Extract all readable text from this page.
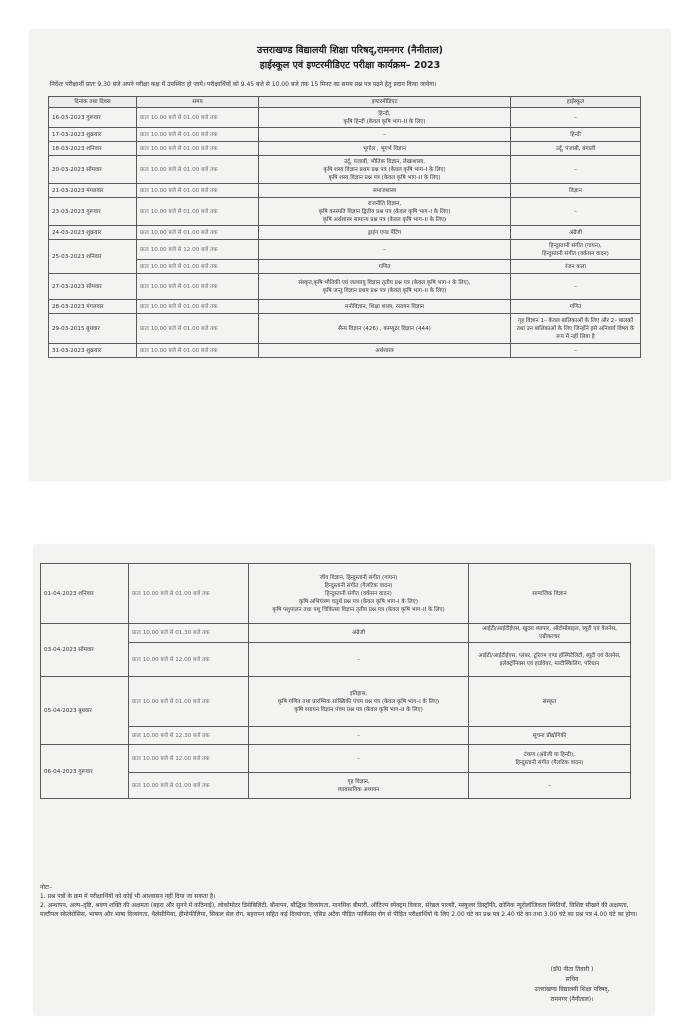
उत्तराखण्ड विद्यालयी शिक्षा परिषद्,रामनगर (नैनीताल)
हाईस्कूल एवं इण्टरमीडिएट परीक्षा कार्यक्रम– 2023
निर्देशः परीक्षार्थी प्रातः 9.30 बजे अपने परीक्षा कक्ष में उपस्थित हो जायें। परीक्षार्थियों को 9.45 बजे से 10.00 बजे तक 15 मिनट का समय प्रश्न पत्र पढ़ने हेतु प्रदान किया जायेगा।
दिनांक तथा दिवस	समय	इण्टरमीडिएट	हाईस्कूल
16-03-2023 गुरूवार	प्रातः 10.00 बजे से 01.00 बजे तक	हिन्दी,
कृषि हिन्दी (केवल कृषि भाग–II के लिए)	–
17-03-2023 शुक्रवार	प्रातः 10.00 बजे से 01.00 बजे तक	–	हिन्दी
18-03-2023 शनिवार	प्रातः 10.00 बजे से 01.00 बजे तक	भूगोल , भूगर्भ विज्ञान	उर्दू, पंजाबी, बंगाली
20-03-2023 सोमवार	प्रातः 10.00 बजे से 01.00 बजे तक	उर्दू, पंजाबी, भौतिक विज्ञान, लेखाशास्त्र,
कृषि शस्य विज्ञान प्रथम प्रश्न पत्र (केवल कृषि भाग–I के लिए)
कृषि शस्य विज्ञान प्रश्न पत्र (केवल कृषि भाग–II के लिए)	–
21-03-2023 मंगलवार	प्रातः 10.00 बजे से 01.00 बजे तक	समाजशास्त्र	विज्ञान
23-03-2023 गुरूवार	प्रातः 10.00 बजे से 01.00 बजे तक	राजनीति विज्ञान,
कृषि वनस्पति विज्ञान द्वितीय प्रश्न पत्र (केवल कृषि भाग–I के लिए)
कृषि अर्थशास्त्र सामान्य प्रश्न पत्र (केवल कृषि भाग–II के लिए)	–
24-03-2023 शुक्रवार	प्रातः 10.00 बजे से 01.00 बजे तक	ड्राइंग एण्ड पेंटिंग	अंग्रेजी
25-03-2023 शनिवार	प्रातः 10.00 बजे से 12.00 बजे तक	–	हिन्दुस्तानी संगीत (गायन),
हिन्दुस्तानी संगीत (वर्कसन वादन)
	प्रातः 10.00 बजे से 01.00 बजे तक	गणित	रंजन कला
27-03-2023 सोमवार	प्रातः 10.00 बजे से 01.00 बजे तक	संस्कृत,कृषि भौतिकी एवं जलवायु विज्ञान तृतीय प्रश्न पत्र (केवल कृषि भाग–I के लिए),
कृषि जन्तु विज्ञान प्रथम प्रश्न पत्र (केवल कृषि भाग–II के लिए)	–
28-03-2023 मंगलवार	प्रातः 10.00 बजे से 01.00 बजे तक	मनोविज्ञान, शिक्षा शास्त्र, रसायन विज्ञान	गणित
29-03-2015 बुधवार	प्रातः 10.00 बजे से 01.00 बजे तक	सैन्य विज्ञान (426) , कम्प्यूटर विज्ञान (444)	गृह विज्ञान 1– केवल बालिकाओं के लिए और 2– बालकों तथा उन बालिकाओं के लिए जिन्होंने इसे अनिवार्य विषय के रूप में नहीं लिया है
31-03-2023 शुक्रवार	प्रातः 10.00 बजे से 01.00 बजे तक	अर्थशास्त्र	–
01-04-2023 शनिवार	प्रातः 10.00 बजे से 01.00 बजे तक	जीव विज्ञान, हिन्दुस्तानी संगीत (गायन)
हिन्दुस्तानी संगीत (गैलटिक वादन)
हिन्दुस्तानी संगीत (वर्कसन वादन)
कृषि अभियंत्रण चतुर्थ प्रश्न पत्र (केवल कृषि भाग–I के लिए)
कृषि पशुपालन तथा पशु चिकित्सा विज्ञान तृतीय प्रश्न पत्र (केवल कृषि भाग–II के लिए)	सामाजिक विज्ञान
03-04-2023 सोमवार	प्रातः 10.00 बजे से 01.30 बजे तक	अंग्रेजी	आईटी/आईटीईएस, खुदरा व्यापार, ऑटोमोबाइल, ब्यूटी एवं वेलनेस, एग्रीकल्चर
	प्रातः 10.00 बजे से 12.00 बजे तक	–	आईटी/आईटीईएस, प्लंबर, टूरिज्म एण्ड हॉस्पिटैलिटी, ब्यूटी एवं वेलनेस, इलेक्ट्रॉनिक्स एवं हार्डवेयर, मल्टीस्किलिंग, परिधान
05-04-2023 बुधवार	प्रातः 10.00 बजे से 01.00 बजे तक	इतिहास,
कृषि गणित तथा प्रारम्भिक सांख्यिकी पंचम प्रश्न पत्र (केवल कृषि भाग–I के लिए)
कृषि रसायन विज्ञान पंचम प्रश्न पत्र (केवल कृषि भाग–II के लिए)	संस्कृत
	प्रातः 10.00 बजे से 12.30 बजे तक	–	सूचना प्रौद्योगिकी
06-04-2023 गुरूवार	प्रातः 10.00 बजे से 12.00 बजे तक	–	टंकण (अंग्रेजी या हिन्दी),
हिन्दुस्तानी संगीत (गैलटिक वादन)
	प्रातः 10.00 बजे से 01.00 बजे तक	गृह विज्ञान,
व्यावसायिक अध्ययन	–
नोटः–
1. प्रश्न पत्रों के क्रम में परीक्षार्थियों को कोई भी आश्वासन नहीं दिया जा सकता है।
2. अन्धापन, अल्प–दृष्टि, श्रवण शक्ति की अक्षमता (बहरा और सुनने में कठिनाई), लोकोमोटर डिसेबिलिटी, बौनापन, बौद्धिक दिव्यांगता, मानसिक बीमारी, ऑटिज्म स्पेक्ट्रम विकार, सेरेब्रल पाल्सी, मस्कुलर डिस्ट्रॉफी, क्रोनिक न्यूरोलॉजिकल स्थितियाँ, विशिष्ट सीखने की अक्षमता, मल्टीपल स्केलेरोसिस, भाषण और भाषा दिव्यांगता, थैलेसीमिया, हीमोफीलिया, सिकल सेल रोग, बहरापन सहित कई दिव्यांगता, एसिड अटैक पीड़ित पार्किंसंस रोग से पीड़ित परीक्षार्थियों के लिए 2.00 घंटे का प्रश्न पत्र 2.40 घंटे का तथा 3.00 घंटे का प्रश्न पत्र 4.00 घंटे का होगा।
(डॉ0 नीता तिवारी )
सचिव
उत्तराखण्ड विद्यालयी शिक्षा परिषद्,
रामनगर (नैनीताल)।
